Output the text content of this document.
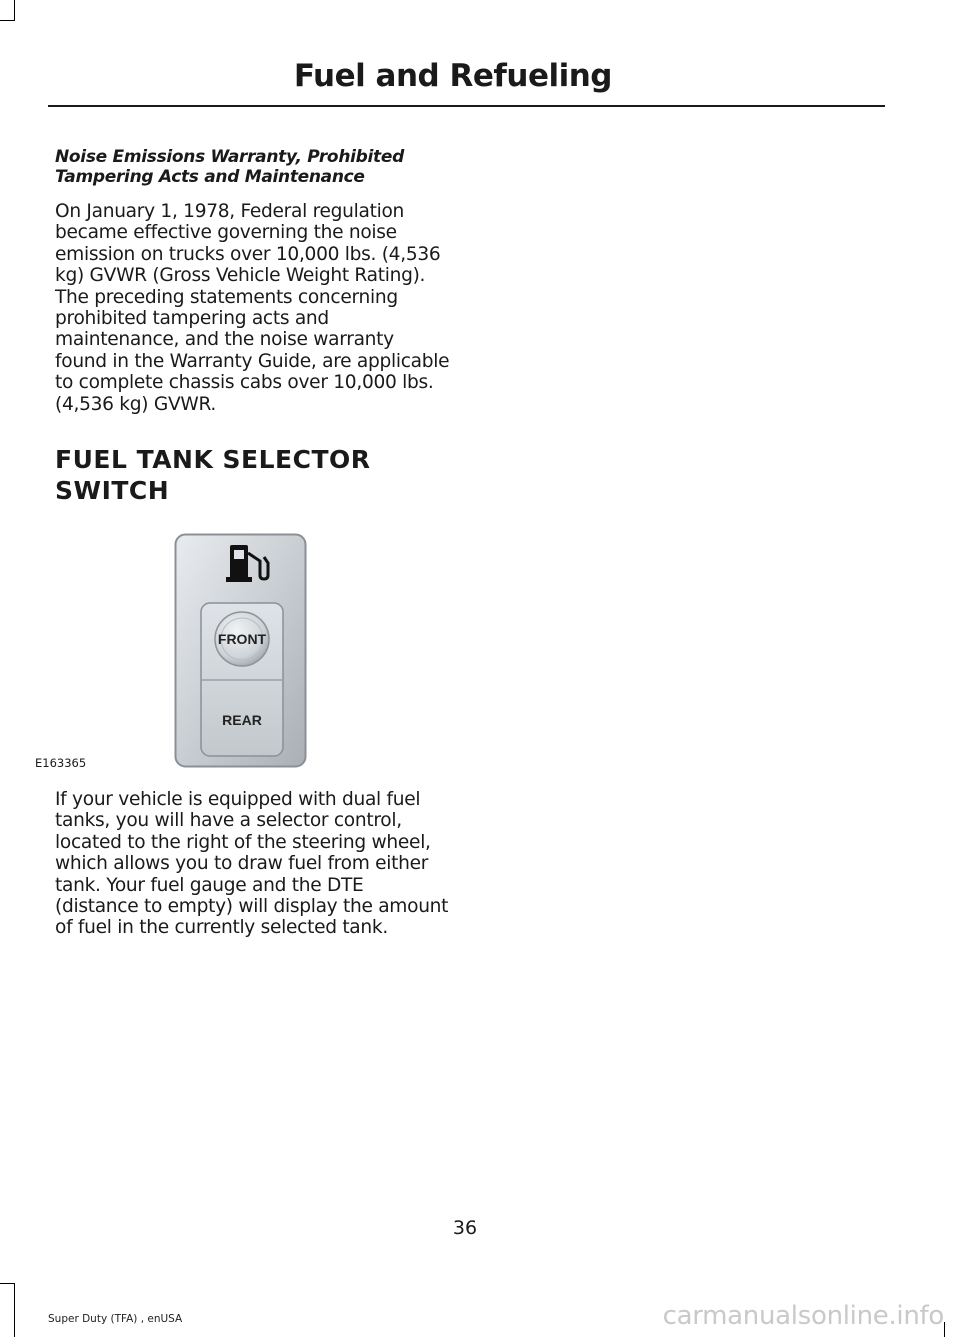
Fuel and Refueling
Noise Emissions Warranty, Prohibited Tampering Acts and Maintenance
On January 1, 1978, Federal regulation became effective governing the noise emission on trucks over 10,000 lbs. (4,536 kg) GVWR (Gross Vehicle Weight Rating). The preceding statements concerning prohibited tampering acts and maintenance, and the noise warranty found in the Warranty Guide, are applicable to complete chassis cabs over 10,000 lbs. (4,536 kg) GVWR.
FUEL TANK SELECTOR
SWITCH
FRONT
REAR
E163365
If your vehicle is equipped with dual fuel tanks, you will have a selector control, located to the right of the steering wheel, which allows you to draw fuel from either tank. Your fuel gauge and the DTE (distance to empty) will display the amount of fuel in the currently selected tank.
36
Super Duty (TFA) , enUSA	carmanualsonline.info
